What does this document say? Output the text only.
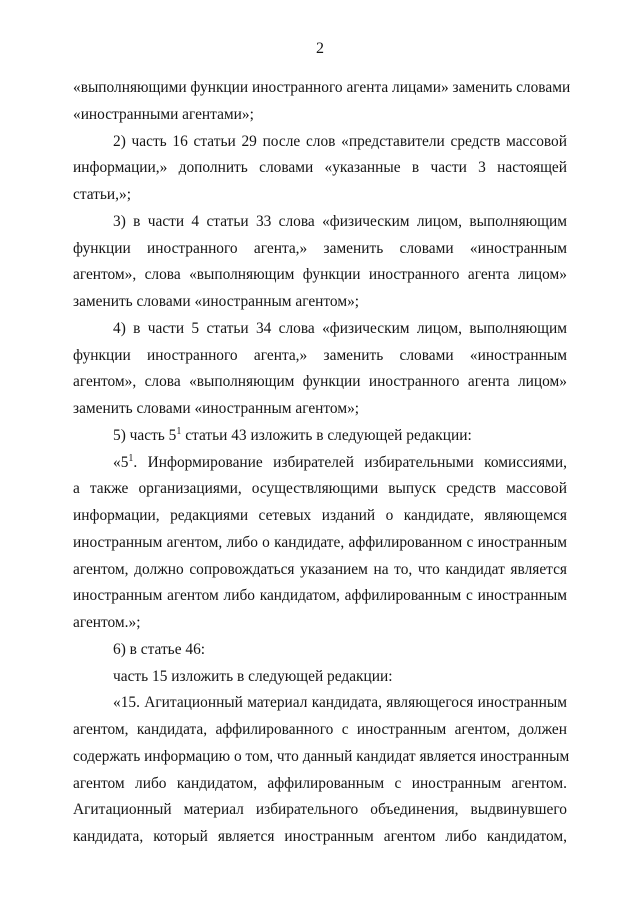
2
«выполняющими функции иностранного агента лицами» заменить словами
«иностранными агентами»;
2) часть 16 статьи 29 после слов «представители средств массовой
информации,» дополнить словами «указанные в части 3 настоящей
статьи,»;
3) в части 4 статьи 33 слова «физическим лицом, выполняющим
функции иностранного агента,» заменить словами «иностранным
агентом», слова «выполняющим функции иностранного агента лицом»
заменить словами «иностранным агентом»;
4) в части 5 статьи 34 слова «физическим лицом, выполняющим
функции иностранного агента,» заменить словами «иностранным
агентом», слова «выполняющим функции иностранного агента лицом»
заменить словами «иностранным агентом»;
5) часть $5^1$ статьи 43 изложить в следующей редакции:
«$5^1$. Информирование избирателей избирательными комиссиями,
а также организациями, осуществляющими выпуск средств массовой
информации, редакциями сетевых изданий о кандидате, являющемся
иностранным агентом, либо о кандидате, аффилированном с иностранным
агентом, должно сопровождаться указанием на то, что кандидат является
иностранным агентом либо кандидатом, аффилированным с иностранным
агентом.»;
6) в статье 46:
часть 15 изложить в следующей редакции:
«15. Агитационный материал кандидата, являющегося иностранным
агентом, кандидата, аффилированного с иностранным агентом, должен
содержать информацию о том, что данный кандидат является иностранным
агентом либо кандидатом, аффилированным с иностранным агентом.
Агитационный материал избирательного объединения, выдвинувшего
кандидата, который является иностранным агентом либо кандидатом,
